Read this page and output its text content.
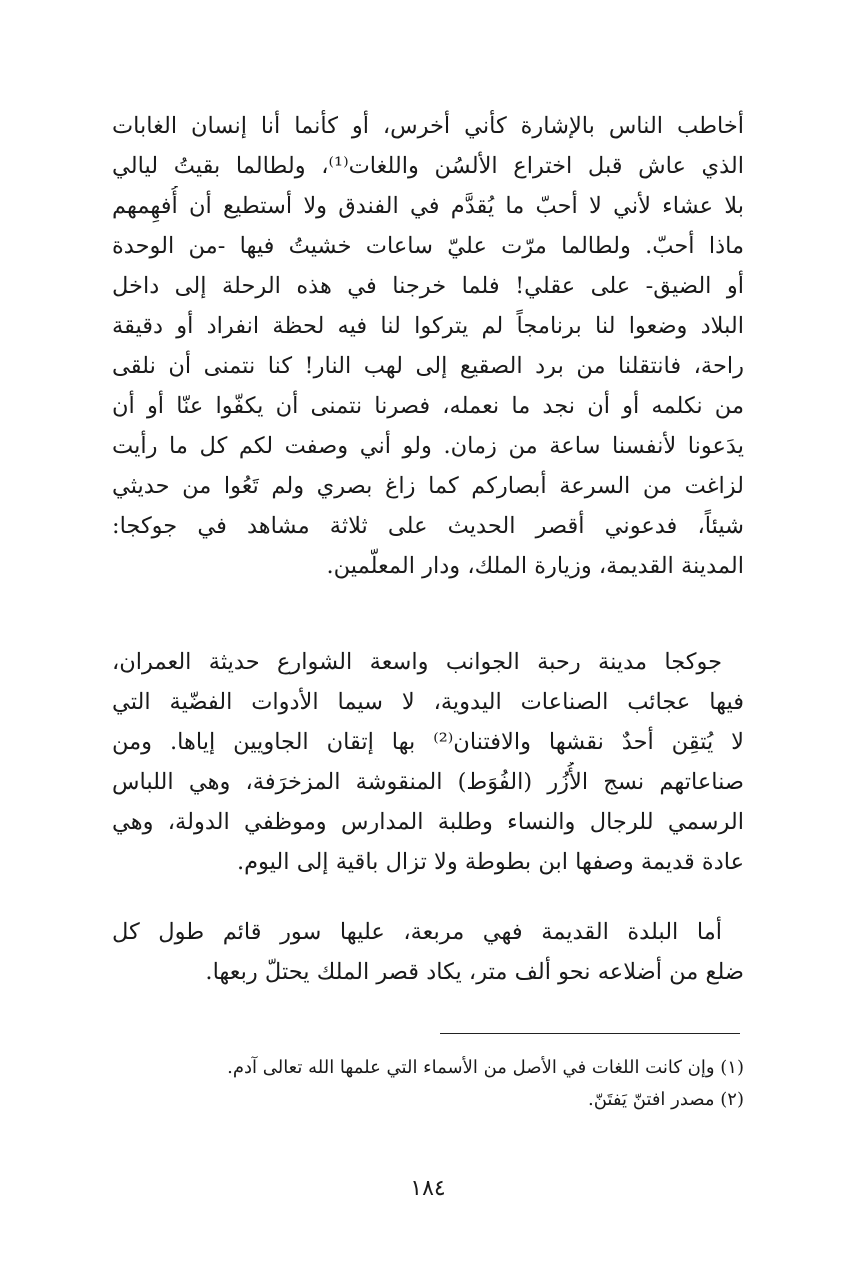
أخاطب الناس بالإشارة كأني أخرس، أو كأنما أنا إنسان الغابات
الذي عاش قبل اختراع الألسُن واللغات⁽¹⁾، ولطالما بقيتُ ليالي
بلا عشاء لأني لا أحبّ ما يُقدَّم في الفندق ولا أستطيع أن أُفهِمهم
ماذا أحبّ. ولطالما مرّت عليّ ساعات خشيتُ فيها -من الوحدة
أو الضيق- على عقلي! فلما خرجنا في هذه الرحلة إلى داخل
البلاد وضعوا لنا برنامجاً لم يتركوا لنا فيه لحظة انفراد أو دقيقة
راحة، فانتقلنا من برد الصقيع إلى لهب النار! كنا نتمنى أن نلقى
من نكلمه أو أن نجد ما نعمله، فصرنا نتمنى أن يكفّوا عنّا أو أن
يدَعونا لأنفسنا ساعة من زمان. ولو أني وصفت لكم كل ما رأيت
لزاغت من السرعة أبصاركم كما زاغ بصري ولم تَعُوا من حديثي
شيئاً، فدعوني أقصر الحديث على ثلاثة مشاهد في جوكجا:
المدينة القديمة، وزيارة الملك، ودار المعلّمين.
جوكجا مدينة رحبة الجوانب واسعة الشوارع حديثة العمران،
فيها عجائب الصناعات اليدوية، لا سيما الأدوات الفضّية التي
لا يُتقِن أحدٌ نقشها والافتنان⁽²⁾ بها إتقان الجاويين إياها. ومن
صناعاتهم نسج الأُزُر (الفُوَط) المنقوشة المزخرَفة، وهي اللباس
الرسمي للرجال والنساء وطلبة المدارس وموظفي الدولة، وهي
عادة قديمة وصفها ابن بطوطة ولا تزال باقية إلى اليوم.
أما البلدة القديمة فهي مربعة، عليها سور قائم طول كل
ضلع من أضلاعه نحو ألف متر، يكاد قصر الملك يحتلّ ربعها.
(١) وإن كانت اللغات في الأصل من الأسماء التي علمها الله تعالى آدم.
(٢) مصدر افتنّ يَفتَنّ.
١٨٤
